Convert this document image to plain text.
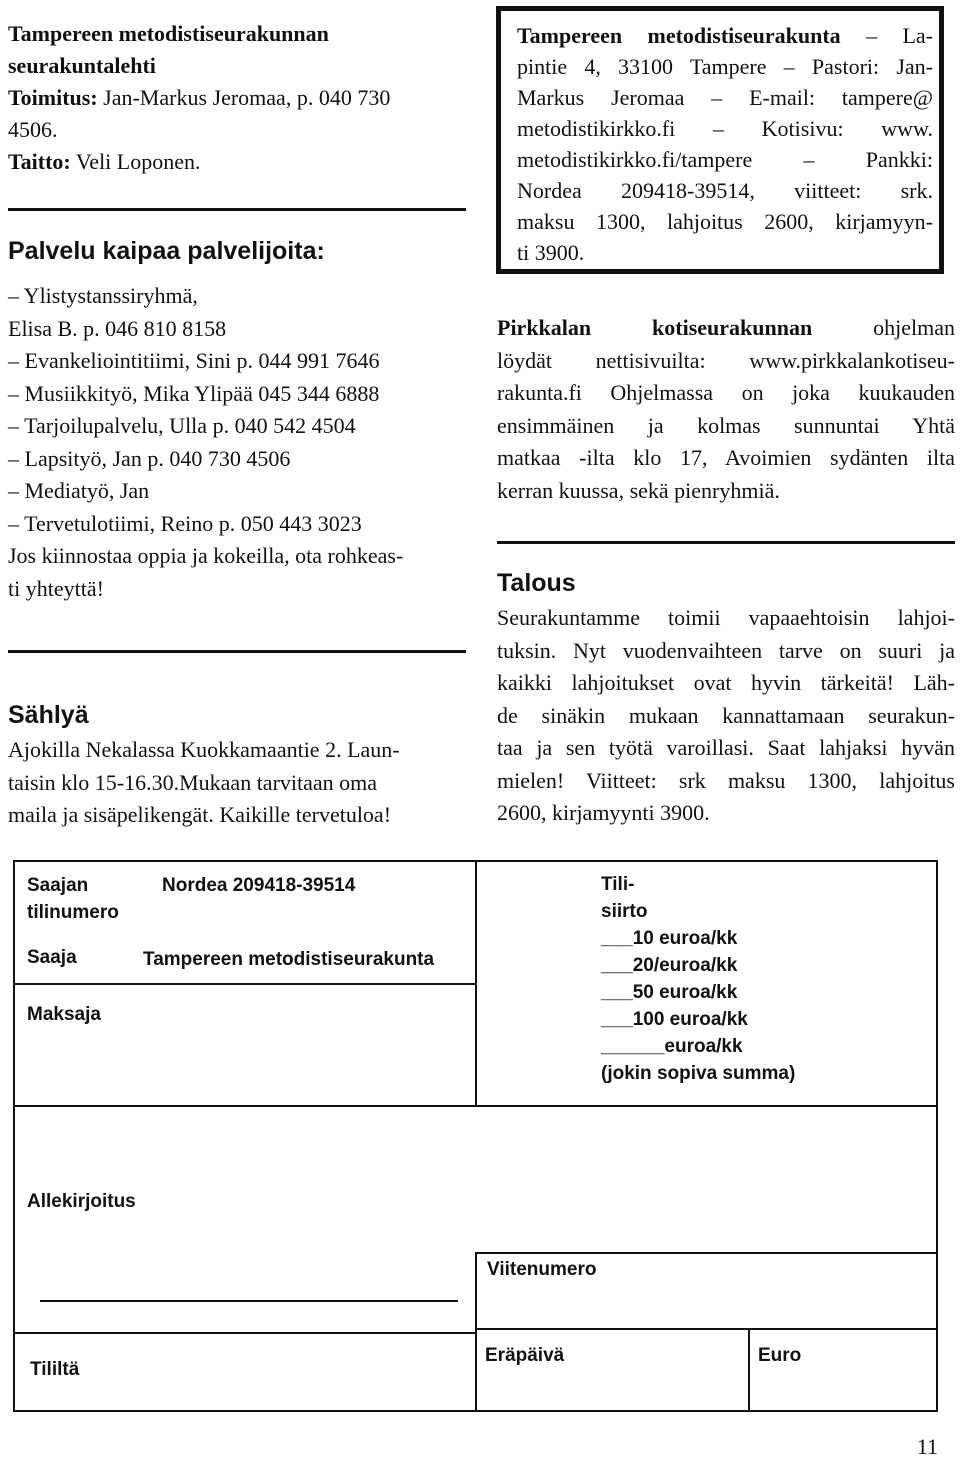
Tampereen metodistiseurakunnan
seurakuntalehti
Toimitus: Jan-Markus Jeromaa, p. 040 730
4506.
Taitto: Veli Loponen.
Palvelu kaipaa palvelijoita:
– Ylistystanssiryhmä,
Elisa B. p. 046 810 8158
– Evankeliointitiimi, Sini p. 044 991 7646
– Musiikkityö, Mika Ylipää 045 344 6888
– Tarjoilupalvelu, Ulla p. 040 542 4504
– Lapsityö, Jan p. 040 730 4506
– Mediatyö, Jan
– Tervetulotiimi, Reino p. 050 443 3023
Jos kiinnostaa oppia ja kokeilla, ota rohkeas-
ti yhteyttä!
Sählyä
Ajokilla Nekalassa Kuokkamaantie 2. Laun-
taisin klo 15-16.30.Mukaan tarvitaan oma
maila ja sisäpelikengät. Kaikille tervetuloa!
Tampereen metodistiseurakunta – La-
pintie 4, 33100 Tampere – Pastori: Jan-
Markus Jeromaa – E-mail: tampere@
metodistikirkko.fi – Kotisivu: www.
metodistikirkko.fi/tampere – Pankki:
Nordea 209418-39514, viitteet: srk.
maksu 1300, lahjoitus 2600, kirjamyyn-
ti 3900.
Pirkkalan kotiseurakunnan ohjelman
löydät nettisivuilta: www.pirkkalankotiseu-
rakunta.fi Ohjelmassa on joka kuukauden
ensimmäinen ja kolmas sunnuntai Yhtä
matkaa -ilta klo 17, Avoimien sydänten ilta
kerran kuussa, sekä pienryhmiä.
Talous
Seurakuntamme toimii vapaaehtoisin lahjoi-
tuksin. Nyt vuodenvaihteen tarve on suuri ja
kaikki lahjoitukset ovat hyvin tärkeitä! Läh-
de sinäkin mukaan kannattamaan seurakun-
taa ja sen työtä varoillasi. Saat lahjaksi hyvän
mielen! Viitteet: srk maksu 1300, lahjoitus
2600, kirjamyynti 3900.
Saajan
tilinumero
Nordea 209418-39514
Saaja	Tampereen metodistiseurakunta
Maksaja
Tili-
siirto
___10 euroa/kk
___20/euroa/kk
___50 euroa/kk
___100 euroa/kk
______euroa/kk
(jokin sopiva summa)
Allekirjoitus
Viitenumero
Tililtä
Eräpäivä	Euro
11
